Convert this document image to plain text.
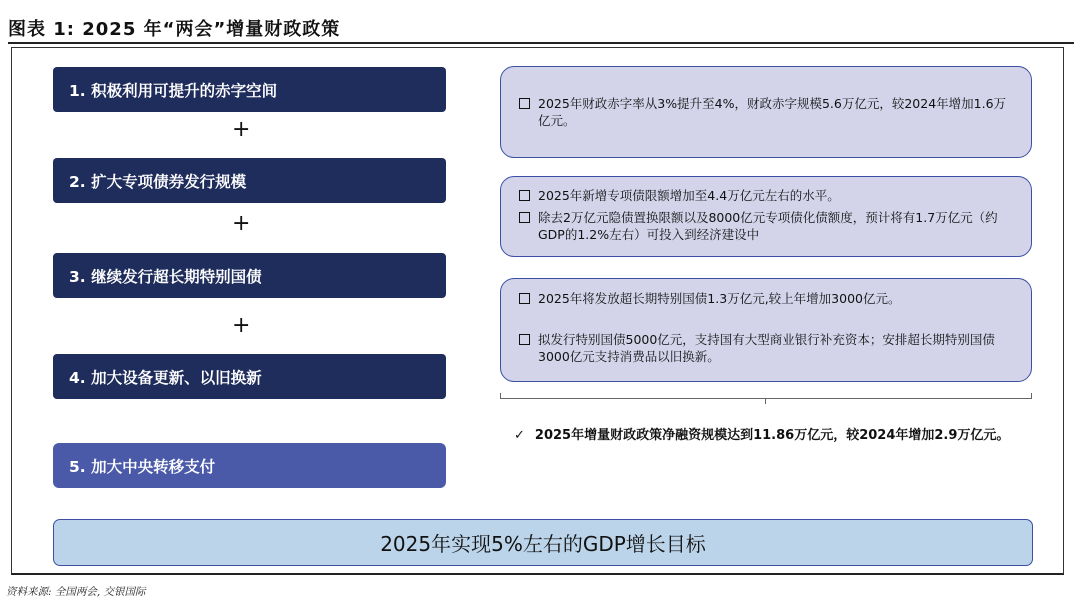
图表 1: 2025 年“两会”增量财政政策
1. 积极利用可提升的赤字空间
+
2. 扩大专项债券发行规模
+
3. 继续发行超长期特别国债
+
4. 加大设备更新、以旧换新
5. 加大中央转移支付
2025年财政赤字率从3%提升至4%，财政赤字规模5.6万亿元，较2024年增加1.6万亿元。
2025年新增专项债限额增加至4.4万亿元左右的水平。
除去2万亿元隐债置换限额以及8000亿元专项债化债额度，预计将有1.7万亿元（约GDP的1.2%左右）可投入到经济建设中
2025年将发放超长期特别国债1.3万亿元,较上年增加3000亿元。
拟发行特别国债5000亿元，支持国有大型商业银行补充资本；安排超长期特别国债3000亿元支持消费品以旧换新。
✓ 2025年增量财政政策净融资规模达到11.86万亿元，较2024年增加2.9万亿元。
2025年实现5%左右的GDP增长目标
资料来源: 全国两会, 交银国际
